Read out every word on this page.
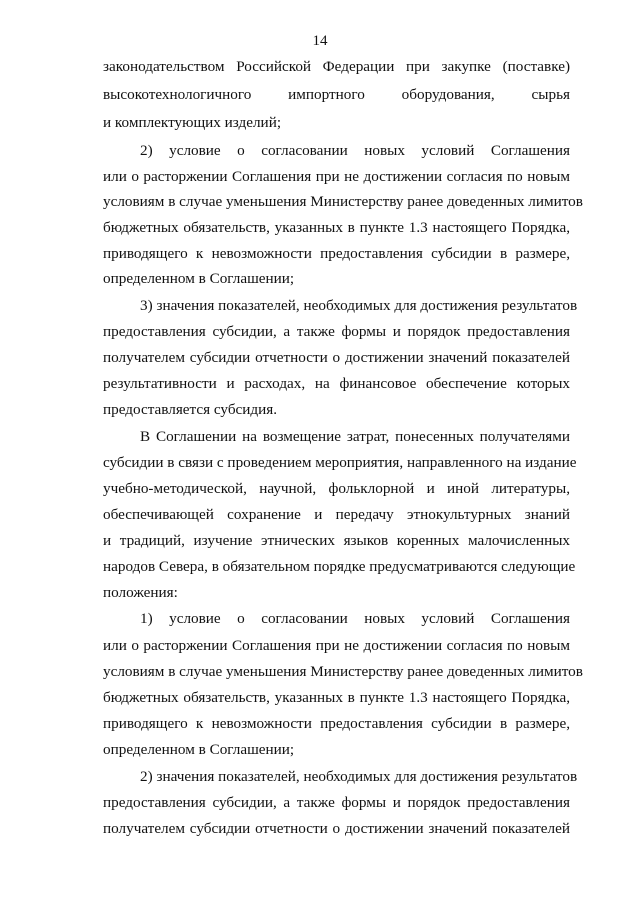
14
законодательством Российской Федерации при закупке (поставке)
высокотехнологичного импортного оборудования, сырья
и комплектующих изделий;
2) условие о согласовании новых условий Соглашения
или о расторжении Соглашения при не достижении согласия по новым
условиям в случае уменьшения Министерству ранее доведенных лимитов
бюджетных обязательств, указанных в пункте 1.3 настоящего Порядка,
приводящего к невозможности предоставления субсидии в размере,
определенном в Соглашении;
3) значения показателей, необходимых для достижения результатов
предоставления субсидии, а также формы и порядок предоставления
получателем субсидии отчетности о достижении значений показателей
результативности и расходах, на финансовое обеспечение которых
предоставляется субсидия.
В Соглашении на возмещение затрат, понесенных получателями
субсидии в связи с проведением мероприятия, направленного на издание
учебно-методической, научной, фольклорной и иной литературы,
обеспечивающей сохранение и передачу этнокультурных знаний
и традиций, изучение этнических языков коренных малочисленных
народов Севера, в обязательном порядке предусматриваются следующие
положения:
1) условие о согласовании новых условий Соглашения
или о расторжении Соглашения при не достижении согласия по новым
условиям в случае уменьшения Министерству ранее доведенных лимитов
бюджетных обязательств, указанных в пункте 1.3 настоящего Порядка,
приводящего к невозможности предоставления субсидии в размере,
определенном в Соглашении;
2) значения показателей, необходимых для достижения результатов
предоставления субсидии, а также формы и порядок предоставления
получателем субсидии отчетности о достижении значений показателей
